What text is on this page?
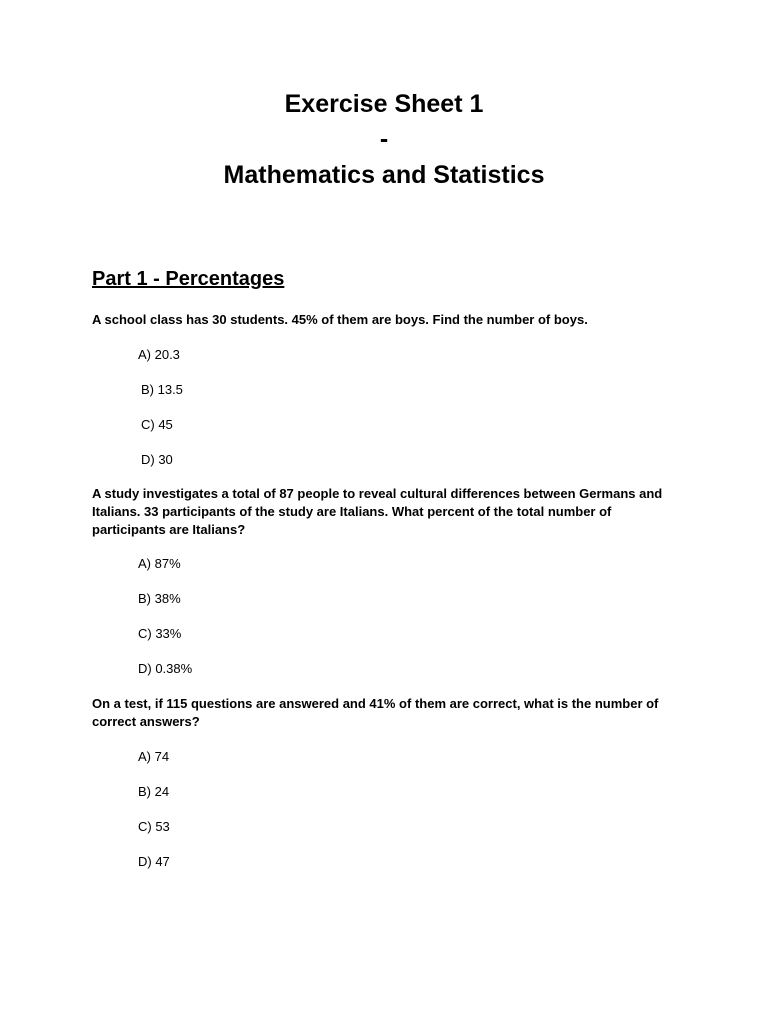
Exercise Sheet 1
-
Mathematics and Statistics
Part 1 - Percentages
A school class has 30 students. 45% of them are boys. Find the number of boys.
A) 20.3
B) 13.5
C) 45
D) 30
A study investigates a total of 87 people to reveal cultural differences between Germans and Italians. 33 participants of the study are Italians. What percent of the total number of participants are Italians?
A) 87%
B) 38%
C) 33%
D) 0.38%
On a test, if 115 questions are answered and 41% of them are correct, what is the number of correct answers?
A) 74
B) 24
C) 53
D) 47
